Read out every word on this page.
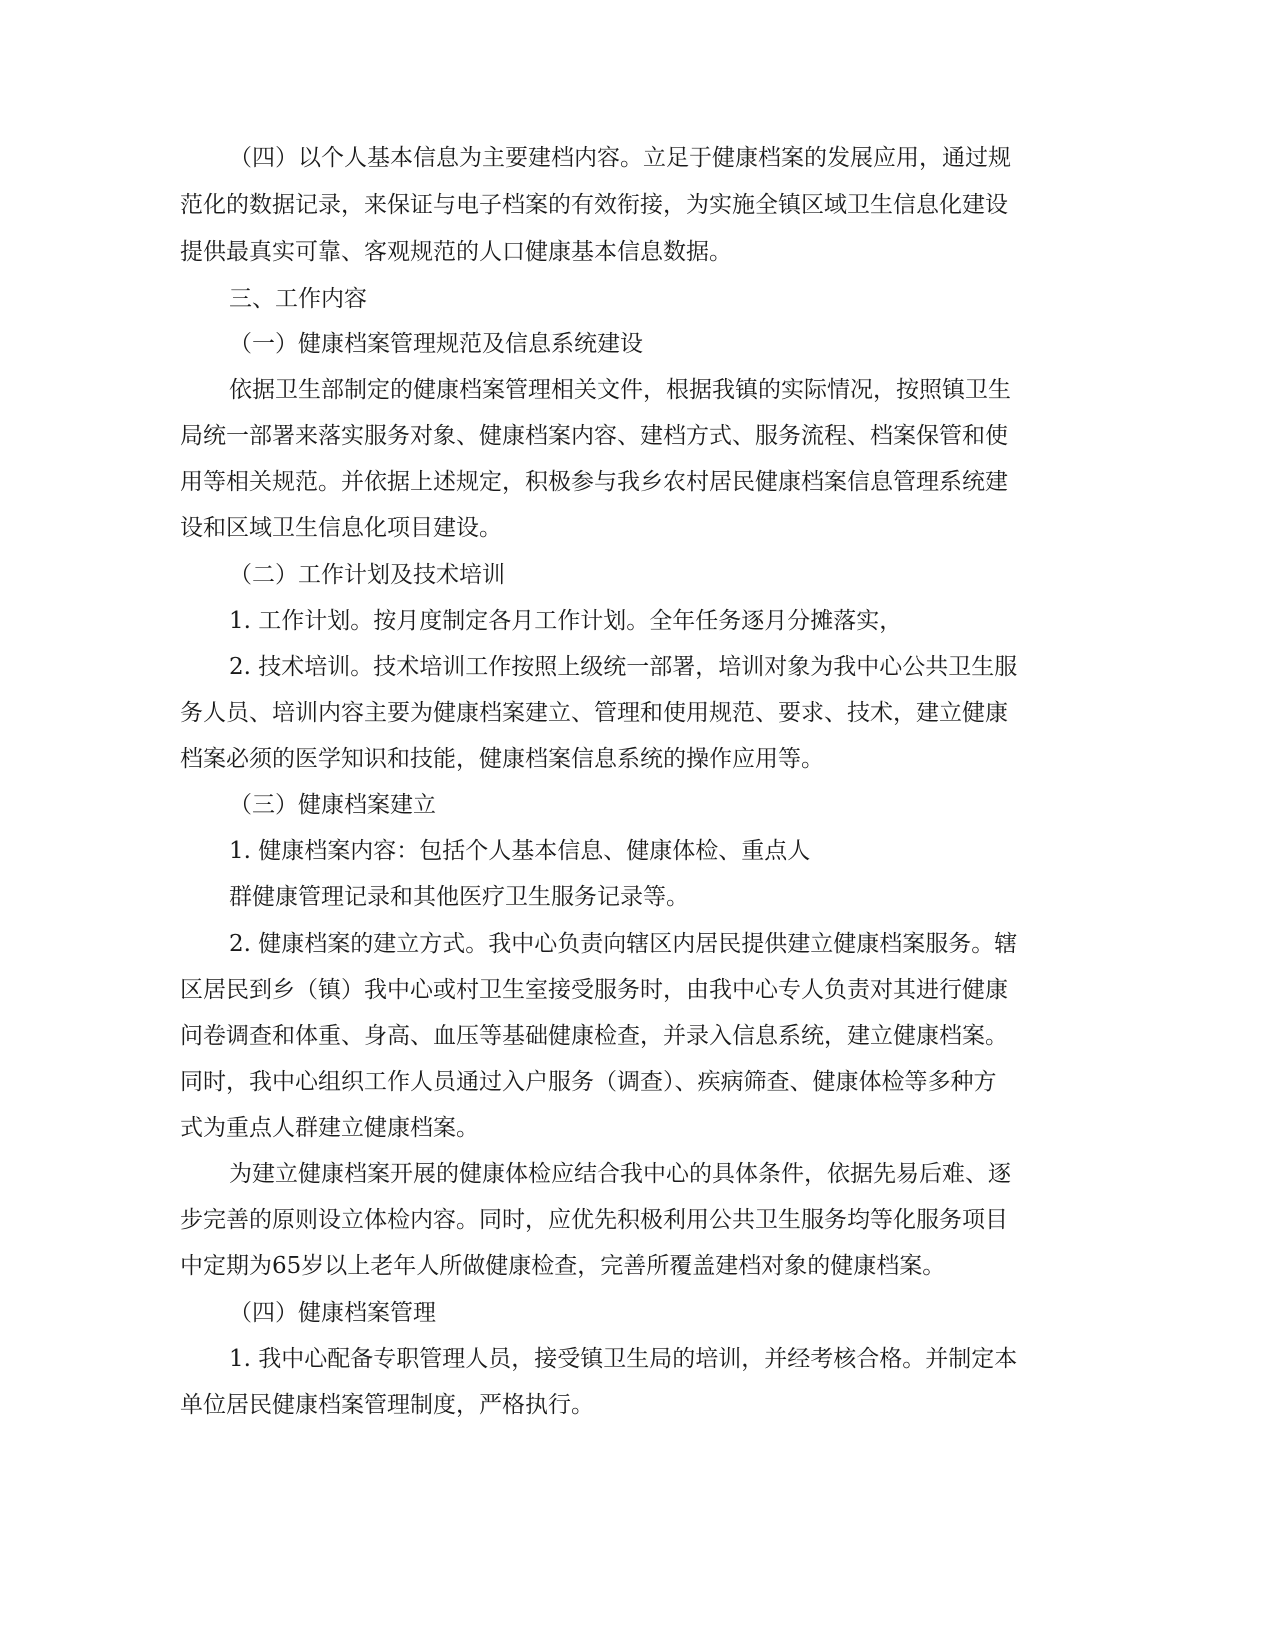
（四）以个人基本信息为主要建档内容。立足于健康档案的发展应用，通过规

范化的数据记录，来保证与电子档案的有效衔接，为实施全镇区域卫生信息化建设

提供最真实可靠、客观规范的人口健康基本信息数据。

三、工作内容

（一）健康档案管理规范及信息系统建设

依据卫生部制定的健康档案管理相关文件，根据我镇的实际情况，按照镇卫生

局统一部署来落实服务对象、健康档案内容、建档方式、服务流程、档案保管和使

用等相关规范。并依据上述规定，积极参与我乡农村居民健康档案信息管理系统建

设和区域卫生信息化项目建设。

（二）工作计划及技术培训

1. 工作计划。按月度制定各月工作计划。全年任务逐月分摊落实，

2. 技术培训。技术培训工作按照上级统一部署，培训对象为我中心公共卫生服

务人员、培训内容主要为健康档案建立、管理和使用规范、要求、技术，建立健康

档案必须的医学知识和技能，健康档案信息系统的操作应用等。

（三）健康档案建立

1. 健康档案内容：包括个人基本信息、健康体检、重点人

群健康管理记录和其他医疗卫生服务记录等。

2. 健康档案的建立方式。我中心负责向辖区内居民提供建立健康档案服务。辖

区居民到乡（镇）我中心或村卫生室接受服务时，由我中心专人负责对其进行健康

问卷调查和体重、身高、血压等基础健康检查，并录入信息系统，建立健康档案。

同时，我中心组织工作人员通过入户服务（调查）、疾病筛查、健康体检等多种方

式为重点人群建立健康档案。

为建立健康档案开展的健康体检应结合我中心的具体条件，依据先易后难、逐

步完善的原则设立体检内容。同时，应优先积极利用公共卫生服务均等化服务项目

中定期为65岁以上老年人所做健康检查，完善所覆盖建档对象的健康档案。

（四）健康档案管理

1. 我中心配备专职管理人员，接受镇卫生局的培训，并经考核合格。并制定本

单位居民健康档案管理制度，严格执行。
